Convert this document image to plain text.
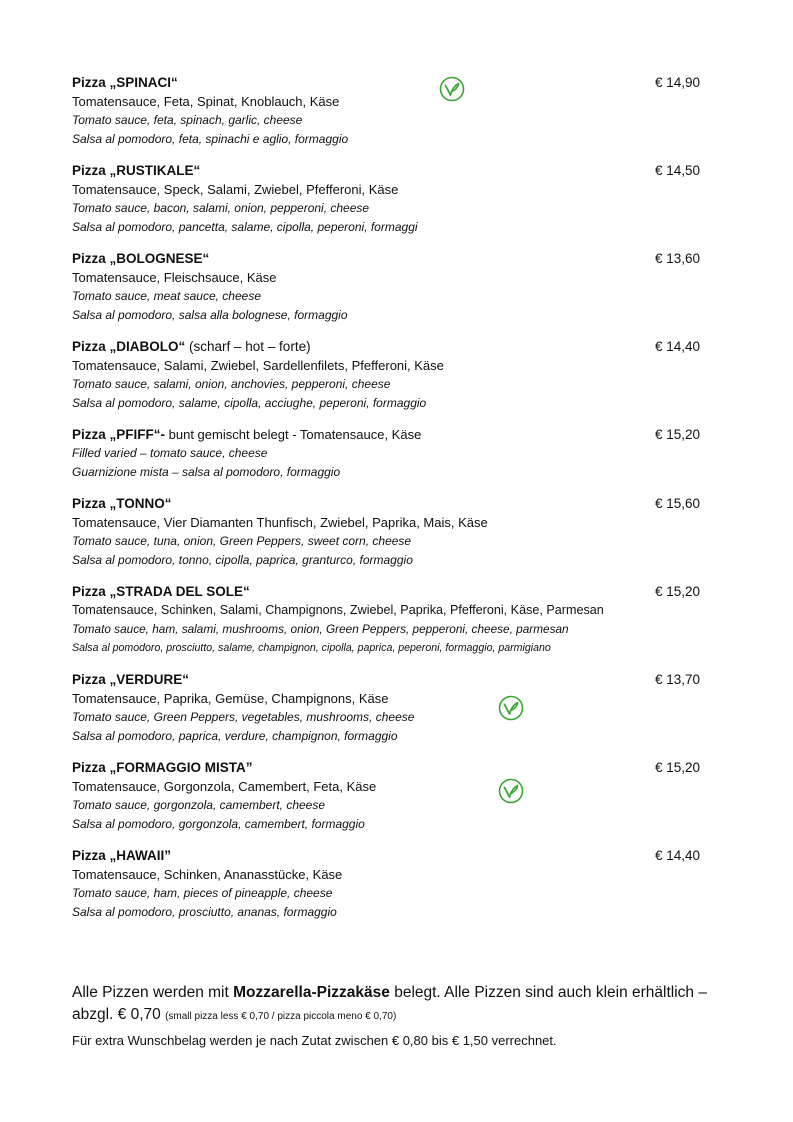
Pizza „SPINACI“	€ 14,90
Tomatensauce, Feta, Spinat, Knoblauch, Käse
Tomato sauce, feta, spinach, garlic, cheese
Salsa al pomodoro, feta, spinachi e aglio, formaggio
Pizza „RUSTIKALE“	€ 14,50
Tomatensauce, Speck, Salami, Zwiebel, Pfefferoni, Käse
Tomato sauce, bacon, salami, onion, pepperoni, cheese
Salsa al pomodoro, pancetta, salame, cipolla, peperoni, formaggi
Pizza „BOLOGNESE“	€ 13,60
Tomatensauce, Fleischsauce, Käse
Tomato sauce, meat sauce, cheese
Salsa al pomodoro, salsa alla bolognese, formaggio
Pizza „DIABOLO“ (scharf – hot – forte)	€ 14,40
Tomatensauce, Salami, Zwiebel, Sardellenfilets, Pfefferoni, Käse
Tomato sauce, salami, onion, anchovies, pepperoni, cheese
Salsa al pomodoro, salame, cipolla, acciughe, peperoni, formaggio
Pizza „PFIFF“- bunt gemischt belegt - Tomatensauce, Käse	€ 15,20
Filled varied – tomato sauce, cheese
Guarnizione mista – salsa al pomodoro, formaggio
Pizza „TONNO“	€ 15,60
Tomatensauce, Vier Diamanten Thunfisch, Zwiebel, Paprika, Mais, Käse
Tomato sauce, tuna, onion, Green Peppers, sweet corn, cheese
Salsa al pomodoro, tonno, cipolla, paprica, granturco, formaggio
Pizza „STRADA DEL SOLE“	€ 15,20
Tomatensauce, Schinken, Salami, Champignons, Zwiebel, Paprika, Pfefferoni, Käse, Parmesan
Tomato sauce, ham, salami, mushrooms, onion, Green Peppers, pepperoni, cheese, parmesan
Salsa al pomodoro, prosciutto, salame, champignon, cipolla, paprica, peperoni, formaggio, parmigiano
Pizza „VERDURE“	€ 13,70
Tomatensauce, Paprika, Gemüse, Champignons, Käse
Tomato sauce, Green Peppers, vegetables, mushrooms, cheese
Salsa al pomodoro, paprica, verdure, champignon, formaggio
Pizza „FORMAGGIO MISTA”	€ 15,20
Tomatensauce, Gorgonzola, Camembert, Feta, Käse
Tomato sauce, gorgonzola, camembert, cheese
Salsa al pomodoro, gorgonzola, camembert, formaggio
Pizza „HAWAII”	€ 14,40
Tomatensauce, Schinken, Ananasstücke, Käse
Tomato sauce, ham, pieces of pineapple, cheese
Salsa al pomodoro, prosciutto, ananas, formaggio
Alle Pizzen werden mit Mozzarella-Pizzakäse belegt. Alle Pizzen sind auch klein erhältlich – abzgl. € 0,70 (small pizza less € 0,70 / pizza piccola meno € 0,70)
Für extra Wunschbelag werden je nach Zutat zwischen € 0,80 bis € 1,50 verrechnet.
